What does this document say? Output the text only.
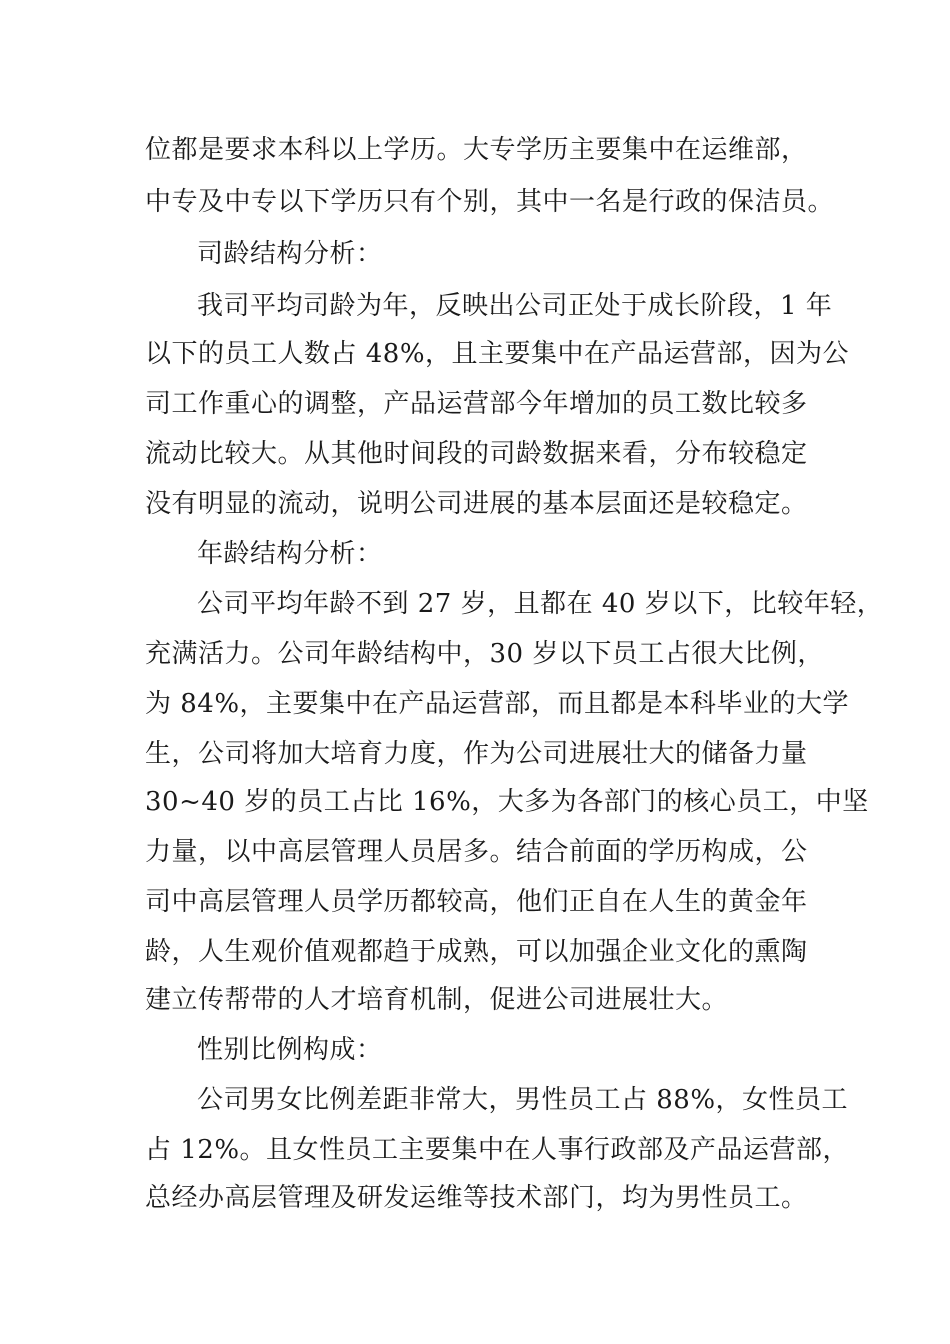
位都是要求本科以上学历。大专学历主要集中在运维部，
中专及中专以下学历只有个别，其中一名是行政的保洁员。
司龄结构分析：
我司平均司龄为年，反映出公司正处于成长阶段，1 年
以下的员工人数占 48%，且主要集中在产品运营部，因为公
司工作重心的调整，产品运营部今年增加的员工数比较多
流动比较大。从其他时间段的司龄数据来看，分布较稳定
没有明显的流动，说明公司进展的基本层面还是较稳定。
年龄结构分析：
公司平均年龄不到 27 岁，且都在 40 岁以下，比较年轻，
充满活力。公司年龄结构中，30 岁以下员工占很大比例，
为 84%，主要集中在产品运营部，而且都是本科毕业的大学
生，公司将加大培育力度，作为公司进展壮大的储备力量
30~40 岁的员工占比 16%，大多为各部门的核心员工，中坚
力量，以中高层管理人员居多。结合前面的学历构成，公
司中高层管理人员学历都较高，他们正自在人生的黄金年
龄，人生观价值观都趋于成熟，可以加强企业文化的熏陶
建立传帮带的人才培育机制，促进公司进展壮大。
性别比例构成：
公司男女比例差距非常大，男性员工占 88%，女性员工
占 12%。且女性员工主要集中在人事行政部及产品运营部，
总经办高层管理及研发运维等技术部门，均为男性员工。
